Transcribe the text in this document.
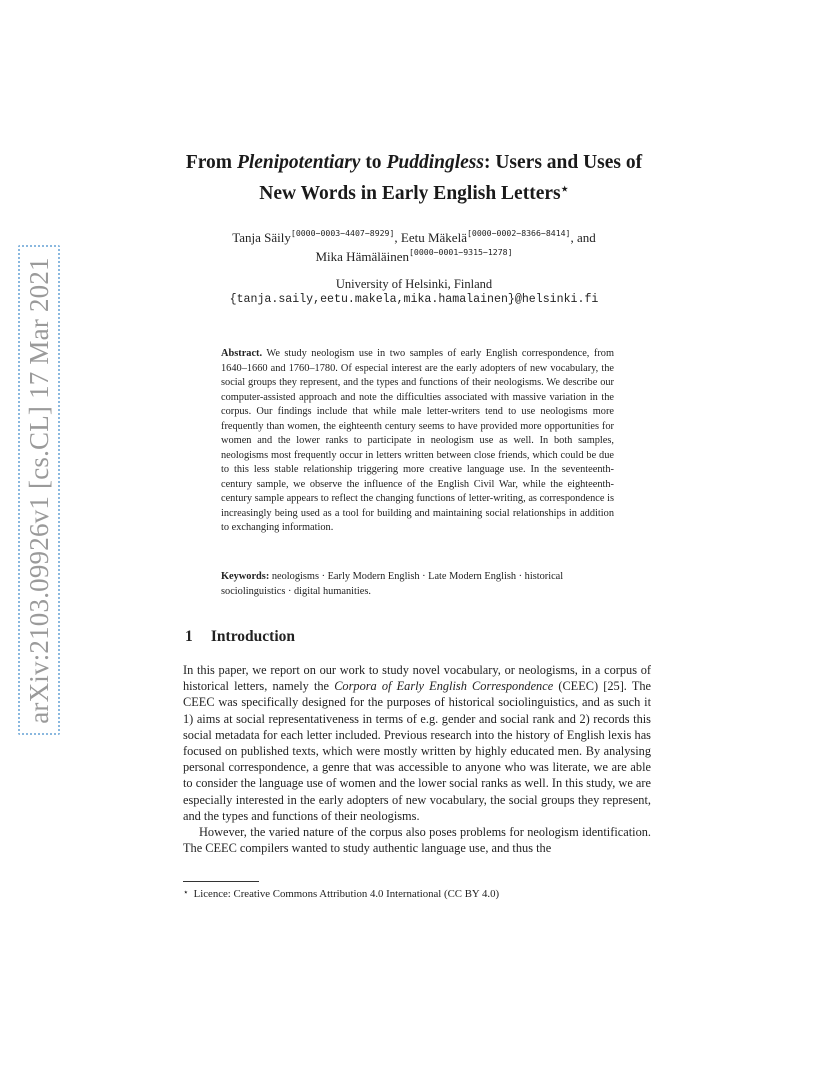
arXiv:2103.09926v1 [cs.CL] 17 Mar 2021
From Plenipotentiary to Puddingless: Users and Uses of
New Words in Early English Letters⋆
Tanja Säily[0000−0003−4407−8929], Eetu Mäkelä[0000−0002−8366−8414], and
Mika Hämäläinen[0000−0001−9315−1278]
University of Helsinki, Finland
{tanja.saily,eetu.makela,mika.hamalainen}@helsinki.fi
Abstract. We study neologism use in two samples of early English correspondence, from 1640–1660 and 1760–1780. Of especial interest are the early adopters of new vocabulary, the social groups they represent, and the types and functions of their neologisms. We describe our computer-assisted approach and note the difficulties associated with massive variation in the corpus. Our findings include that while male letter-writers tend to use neologisms more frequently than women, the eighteenth century seems to have provided more opportunities for women and the lower ranks to participate in neologism use as well. In both samples, neologisms most frequently occur in letters written between close friends, which could be due to this less stable relationship triggering more creative language use. In the seventeenth-century sample, we observe the influence of the English Civil War, while the eighteenth-century sample appears to reflect the changing functions of letter-writing, as correspondence is increasingly being used as a tool for building and maintaining social relationships in addition to exchanging information.
Keywords: neologisms · Early Modern English · Late Modern English · historical sociolinguistics · digital humanities.
1 Introduction

In this paper, we report on our work to study novel vocabulary, or neologisms, in a corpus of historical letters, namely the Corpora of Early English Correspondence (CEEC) [25]. The CEEC was specifically designed for the purposes of historical sociolinguistics, and as such it 1) aims at social representativeness in terms of e.g. gender and social rank and 2) records this social metadata for each letter included. Previous research into the history of English lexis has focused on published texts, which were mostly written by highly educated men. By analysing personal correspondence, a genre that was accessible to anyone who was literate, we are able to consider the language use of women and the lower social ranks as well. In this study, we are especially interested in the early adopters of new vocabulary, the social groups they represent, and the types and functions of their neologisms.

However, the varied nature of the corpus also poses problems for neologism identification. The CEEC compilers wanted to study authentic language use, and thus the

⋆ Licence: Creative Commons Attribution 4.0 International (CC BY 4.0)
